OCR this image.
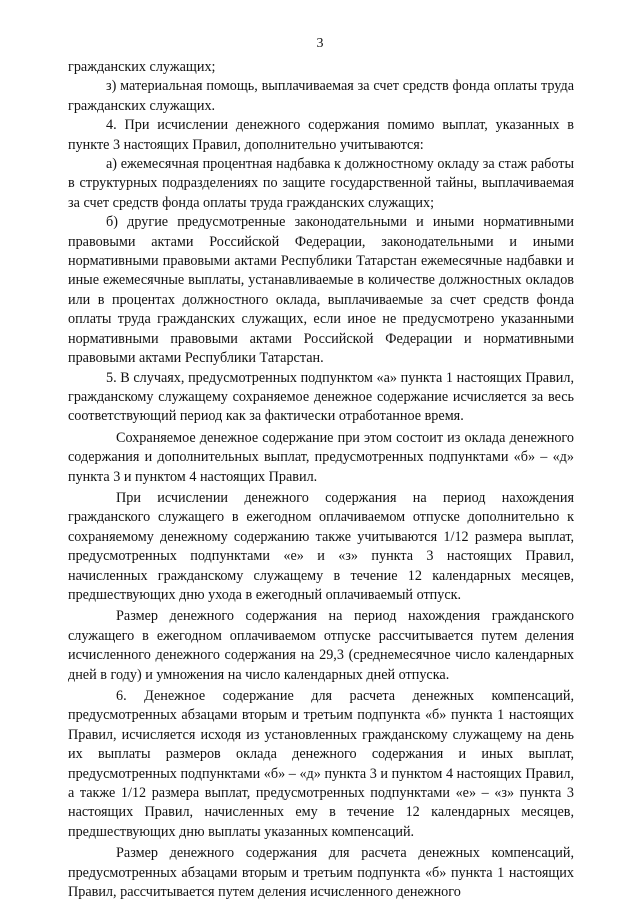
3

гражданских служащих;

з) материальная помощь, выплачиваемая за счет средств фонда оплаты труда гражданских служащих.

4. При исчислении денежного содержания помимо выплат, указанных в пункте 3 настоящих Правил, дополнительно учитываются:

а) ежемесячная процентная надбавка к должностному окладу за стаж работы в структурных подразделениях по защите государственной тайны, выплачиваемая за счет средств фонда оплаты труда гражданских служащих;

б) другие предусмотренные законодательными и иными нормативными правовыми актами Российской Федерации, законодательными и иными нормативными правовыми актами Республики Татарстан ежемесячные надбавки и иные ежемесячные выплаты, устанавливаемые в количестве должностных окладов или в процентах должностного оклада, выплачиваемые за счет средств фонда оплаты труда гражданских служащих, если иное не предусмотрено указанными нормативными правовыми актами Российской Федерации и нормативными правовыми актами Республики Татарстан.

5. В случаях, предусмотренных подпунктом «а» пункта 1 настоящих Правил, гражданскому служащему сохраняемое денежное содержание исчисляется за весь соответствующий период как за фактически отработанное время.

Сохраняемое денежное содержание при этом состоит из оклада денежного содержания и дополнительных выплат, предусмотренных подпунктами «б» – «д» пункта 3 и пунктом 4 настоящих Правил.

При исчислении денежного содержания на период нахождения гражданского служащего в ежегодном оплачиваемом отпуске дополнительно к сохраняемому денежному содержанию также учитываются 1/12 размера выплат, предусмотренных подпунктами «е» и «з» пункта 3 настоящих Правил, начисленных гражданскому служащему в течение 12 календарных месяцев, предшествующих дню ухода в ежегодный оплачиваемый отпуск.

Размер денежного содержания на период нахождения гражданского служащего в ежегодном оплачиваемом отпуске рассчитывается путем деления исчисленного денежного содержания на 29,3 (среднемесячное число календарных дней в году) и умножения на число календарных дней отпуска.

6. Денежное содержание для расчета денежных компенсаций, предусмотренных абзацами вторым и третьим подпункта «б» пункта 1 настоящих Правил, исчисляется исходя из установленных гражданскому служащему на день их выплаты размеров оклада денежного содержания и иных выплат, предусмотренных подпунктами «б» – «д» пункта 3 и пунктом 4 настоящих Правил, а также 1/12 размера выплат, предусмотренных подпунктами «е» – «з» пункта 3 настоящих Правил, начисленных ему в течение 12 календарных месяцев, предшествующих дню выплаты указанных компенсаций.

Размер денежного содержания для расчета денежных компенсаций, предусмотренных абзацами вторым и третьим подпункта «б» пункта 1 настоящих Правил, рассчитывается путем деления исчисленного денежного
